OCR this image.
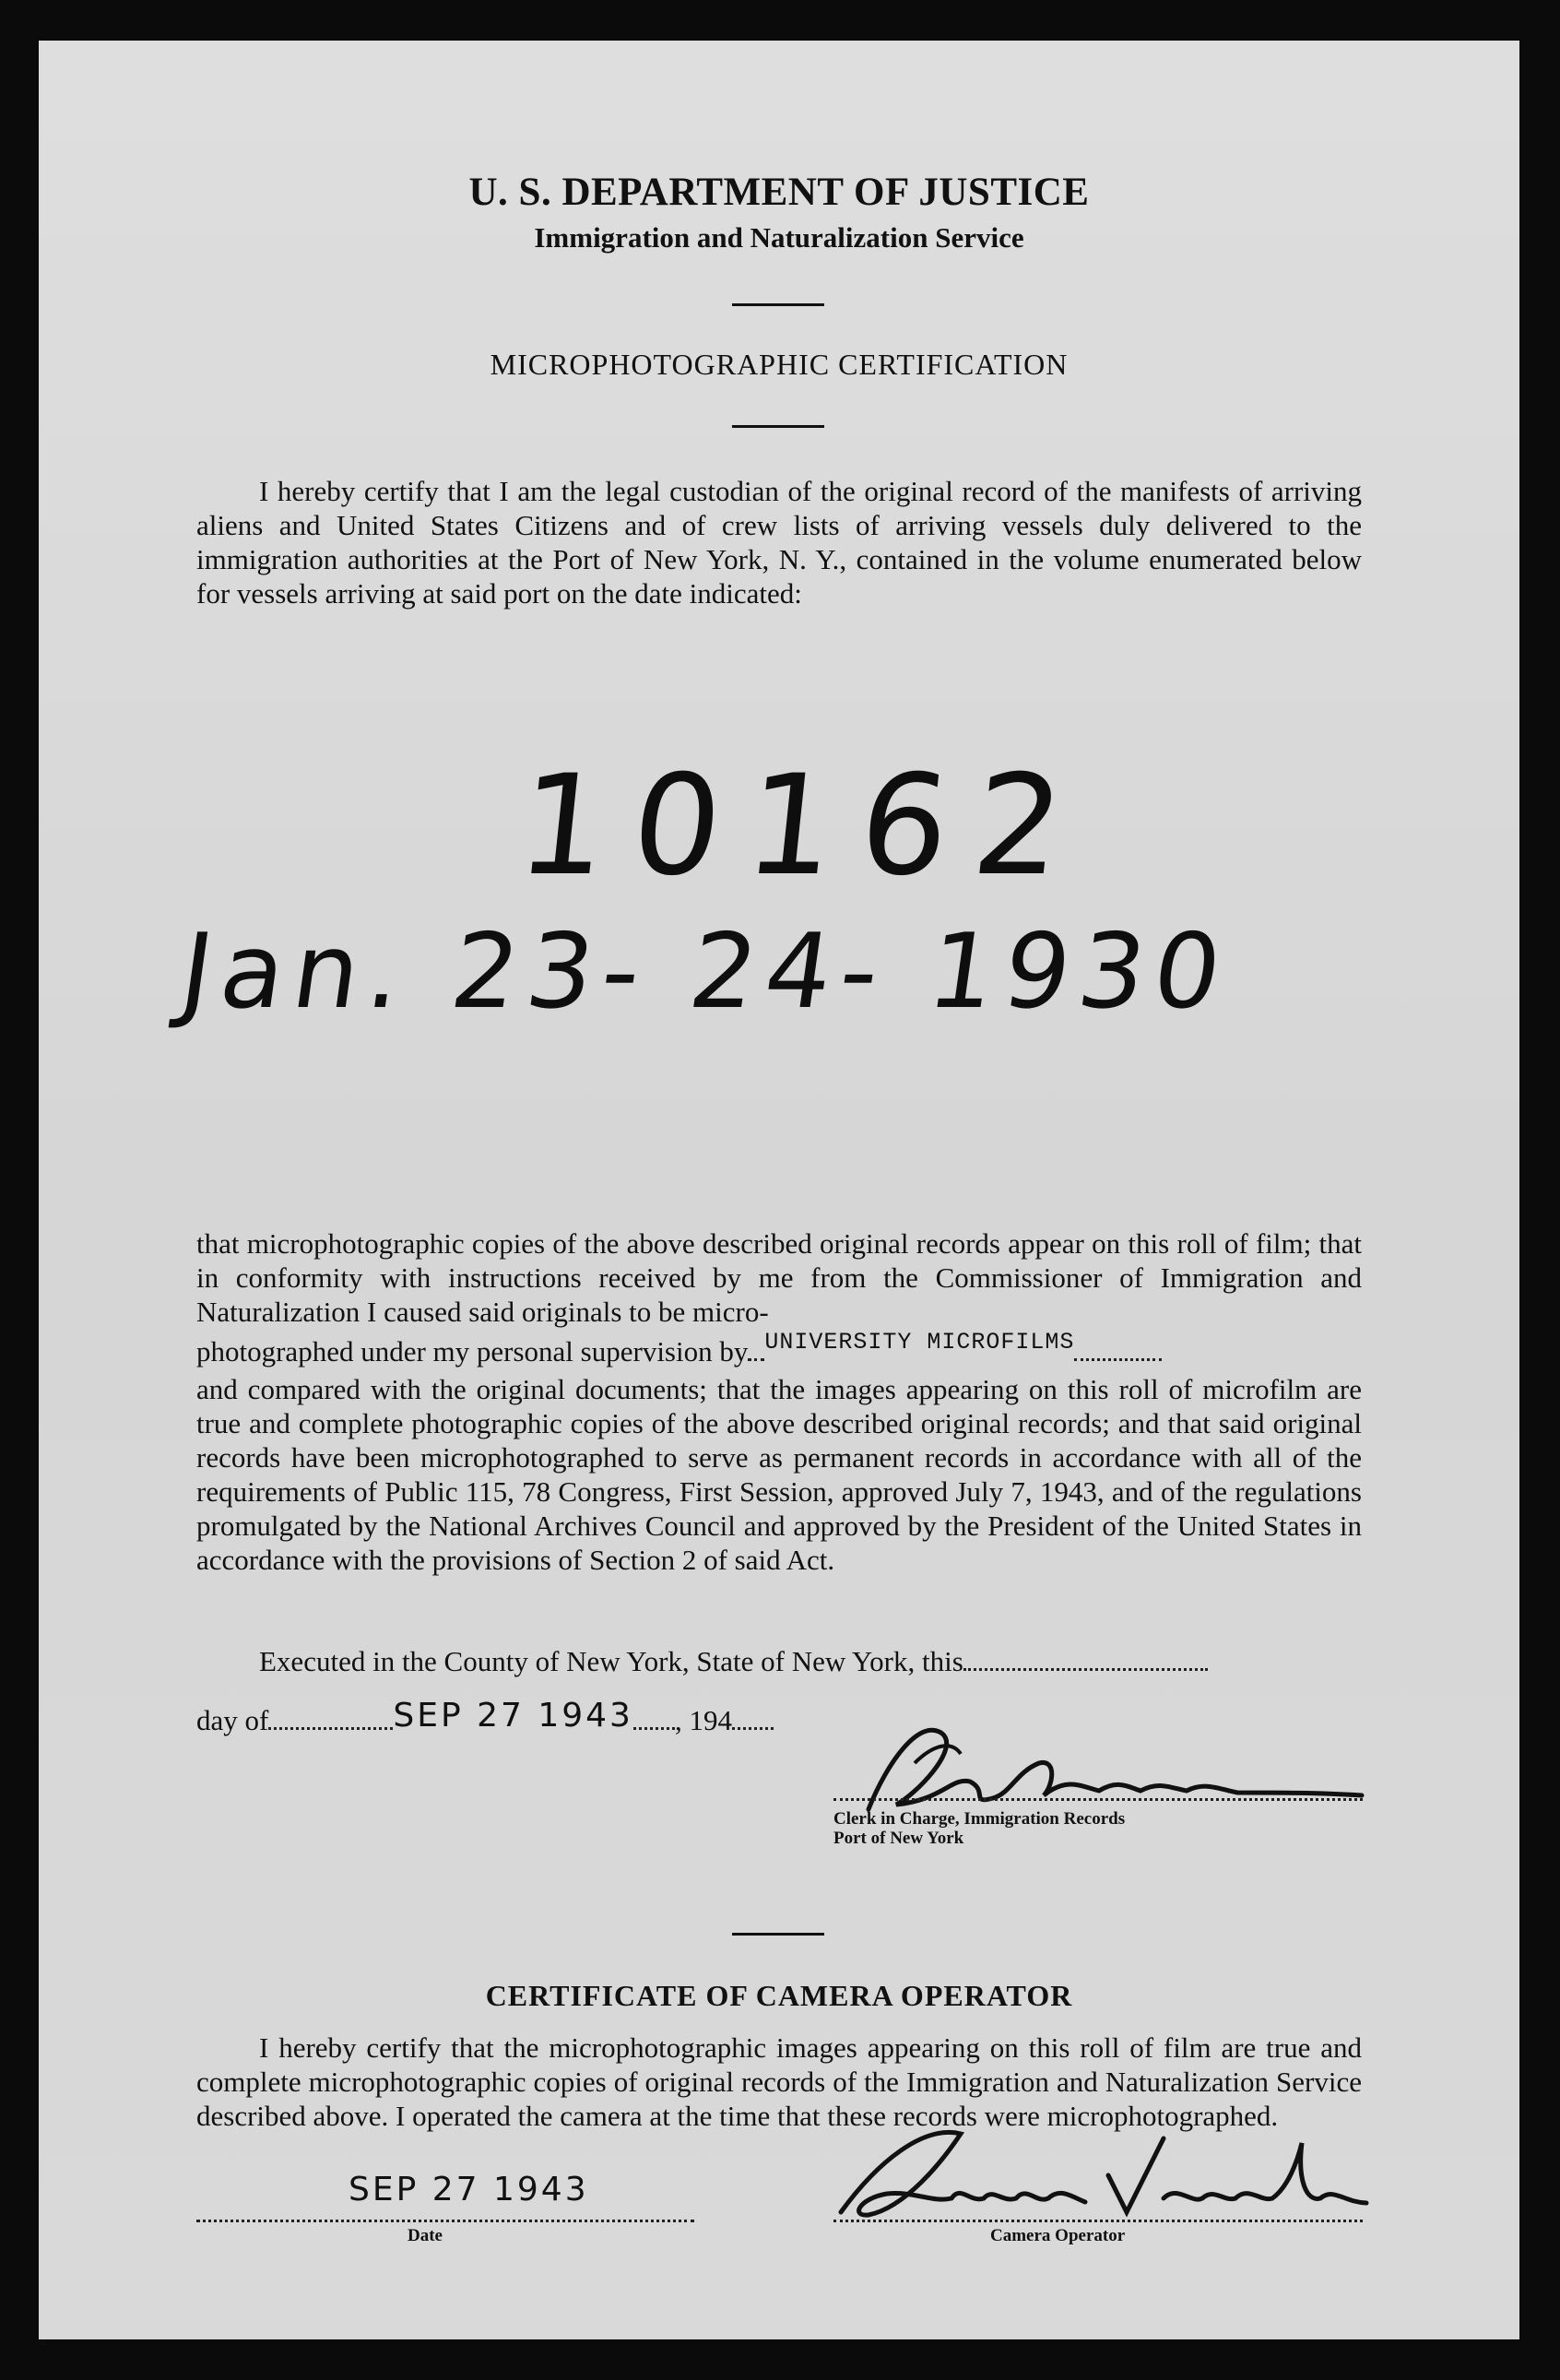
U. S. DEPARTMENT OF JUSTICE
Immigration and Naturalization Service
MICROPHOTOGRAPHIC CERTIFICATION

I hereby certify that I am the legal custodian of the original record of the manifests of arriving aliens and United States Citizens and of crew lists of arriving vessels duly delivered to the immigration authorities at the Port of New York, N. Y., contained in the volume enumerated below for vessels arriving at said port on the date indicated:

10162
Jan. 23- 24- 1930

that microphotographic copies of the above described original records appear on this roll of film; that in conformity with instructions received by me from the Commissioner of Immigration and Naturalization I caused said originals to be micro-

photographed under my personal supervision by $^{UNIVERSITY MICROFILMS}$

and compared with the original documents; that the images appearing on this roll of microfilm are true and complete photographic copies of the above described original records; and that said original records have been microphotographed to serve as permanent records in accordance with all of the requirements of Public 115, 78 Congress, First Session, approved July 7, 1943, and of the regulations promulgated by the National Archives Council and approved by the President of the United States in accordance with the provisions of Section 2 of said Act.

Executed in the County of New York, State of New York, this
day of	SEP 27 1943 , 194
Clerk in Charge, Immigration Records
Port of New York
CERTIFICATE OF CAMERA OPERATOR

I hereby certify that the microphotographic images appearing on this roll of film are true and complete microphotographic copies of original records of the Immigration and Naturalization Service described above. I operated the camera at the time that these records were microphotographed.

SEP 27 1943
Date	Camera Operator
